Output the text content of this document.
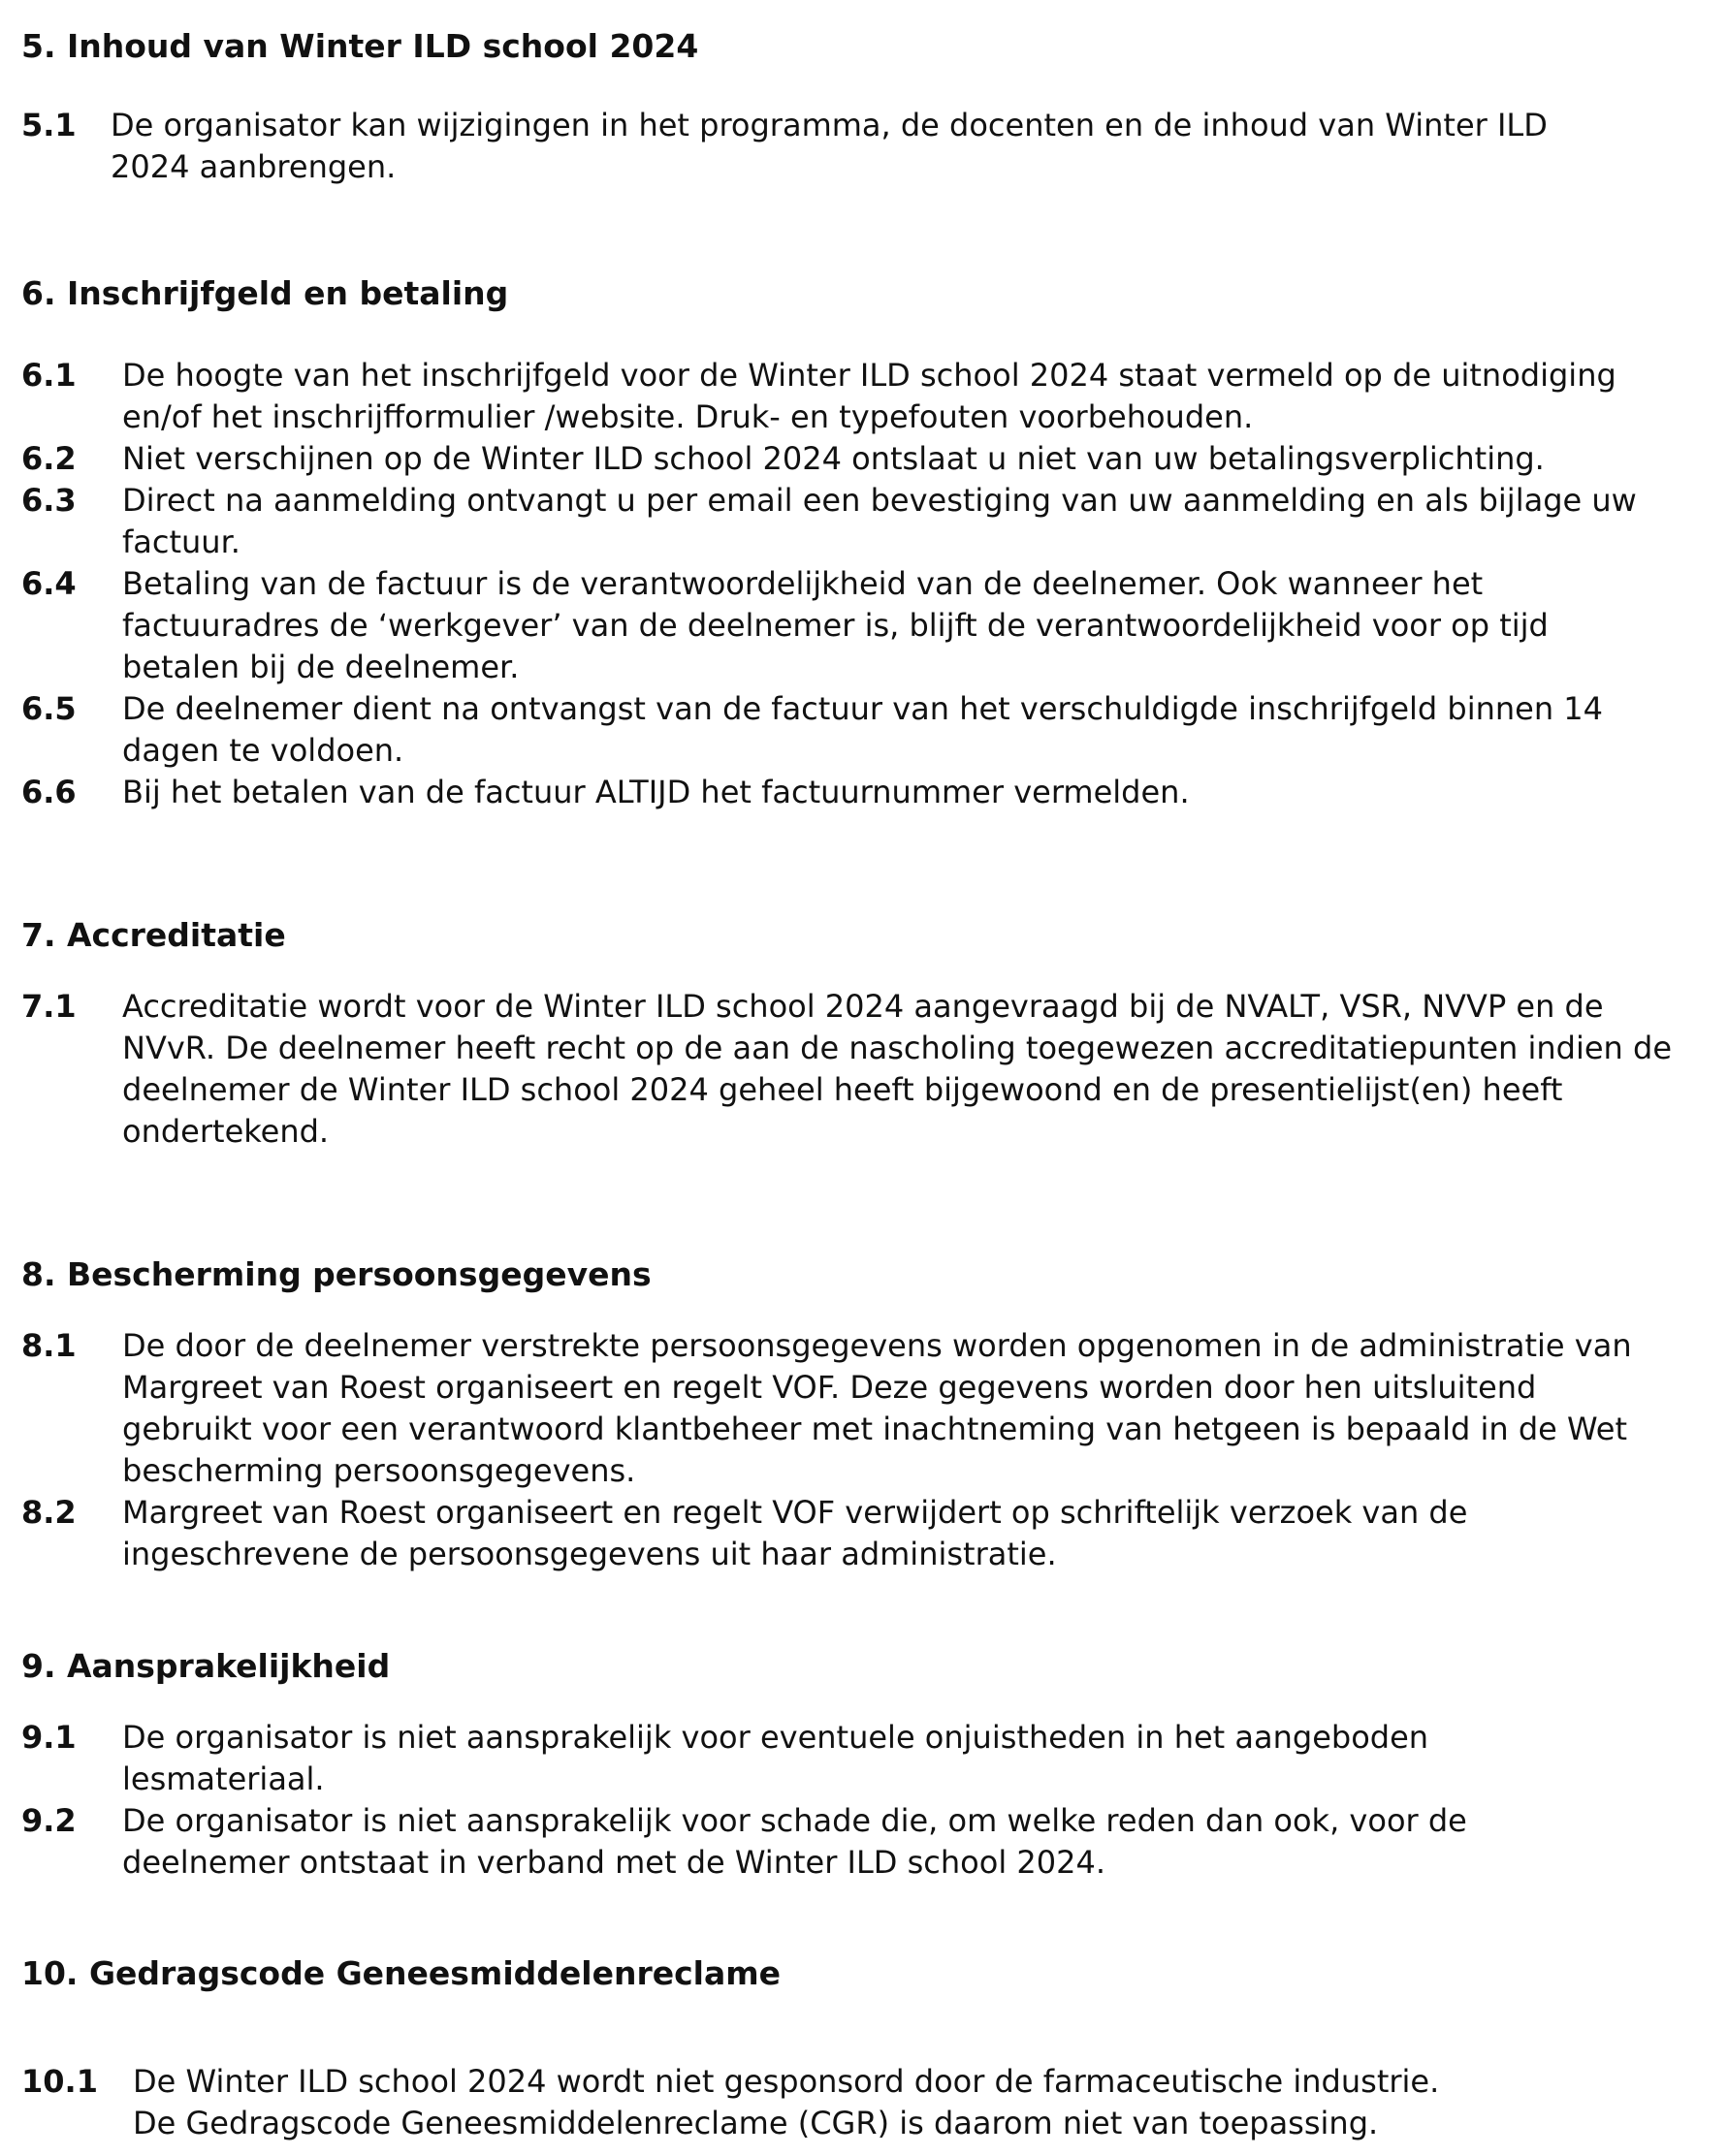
5. Inhoud van Winter ILD school 2024
5.1 De organisator kan wijzigingen in het programma, de docenten en de inhoud van Winter ILD
2024 aanbrengen.
6. Inschrijfgeld en betaling
6.1 De hoogte van het inschrijfgeld voor de Winter ILD school 2024 staat vermeld op de uitnodiging
en/of het inschrijfformulier /website. Druk- en typefouten voorbehouden.
6.2 Niet verschijnen op de Winter ILD school 2024 ontslaat u niet van uw betalingsverplichting.
6.3 Direct na aanmelding ontvangt u per email een bevestiging van uw aanmelding en als bijlage uw
factuur.
6.4 Betaling van de factuur is de verantwoordelijkheid van de deelnemer. Ook wanneer het
factuuradres de ‘werkgever’ van de deelnemer is, blijft de verantwoordelijkheid voor op tijd
betalen bij de deelnemer.
6.5 De deelnemer dient na ontvangst van de factuur van het verschuldigde inschrijfgeld binnen 14
dagen te voldoen.
6.6 Bij het betalen van de factuur ALTIJD het factuurnummer vermelden.
7. Accreditatie
7.1 Accreditatie wordt voor de Winter ILD school 2024 aangevraagd bij de NVALT, VSR, NVVP en de
NVvR. De deelnemer heeft recht op de aan de nascholing toegewezen accreditatiepunten indien de
deelnemer de Winter ILD school 2024 geheel heeft bijgewoond en de presentielijst(en) heeft
ondertekend.
8. Bescherming persoonsgegevens
8.1 De door de deelnemer verstrekte persoonsgegevens worden opgenomen in de administratie van
Margreet van Roest organiseert en regelt VOF. Deze gegevens worden door hen uitsluitend
gebruikt voor een verantwoord klantbeheer met inachtneming van hetgeen is bepaald in de Wet
bescherming persoonsgegevens.
8.2 Margreet van Roest organiseert en regelt VOF verwijdert op schriftelijk verzoek van de
ingeschrevene de persoonsgegevens uit haar administratie.
9. Aansprakelijkheid
9.1 De organisator is niet aansprakelijk voor eventuele onjuistheden in het aangeboden
lesmateriaal.
9.2 De organisator is niet aansprakelijk voor schade die, om welke reden dan ook, voor de
deelnemer ontstaat in verband met de Winter ILD school 2024.
10. Gedragscode Geneesmiddelenreclame
10.1 De Winter ILD school 2024 wordt niet gesponsord door de farmaceutische industrie.
De Gedragscode Geneesmiddelenreclame (CGR) is daarom niet van toepassing.
